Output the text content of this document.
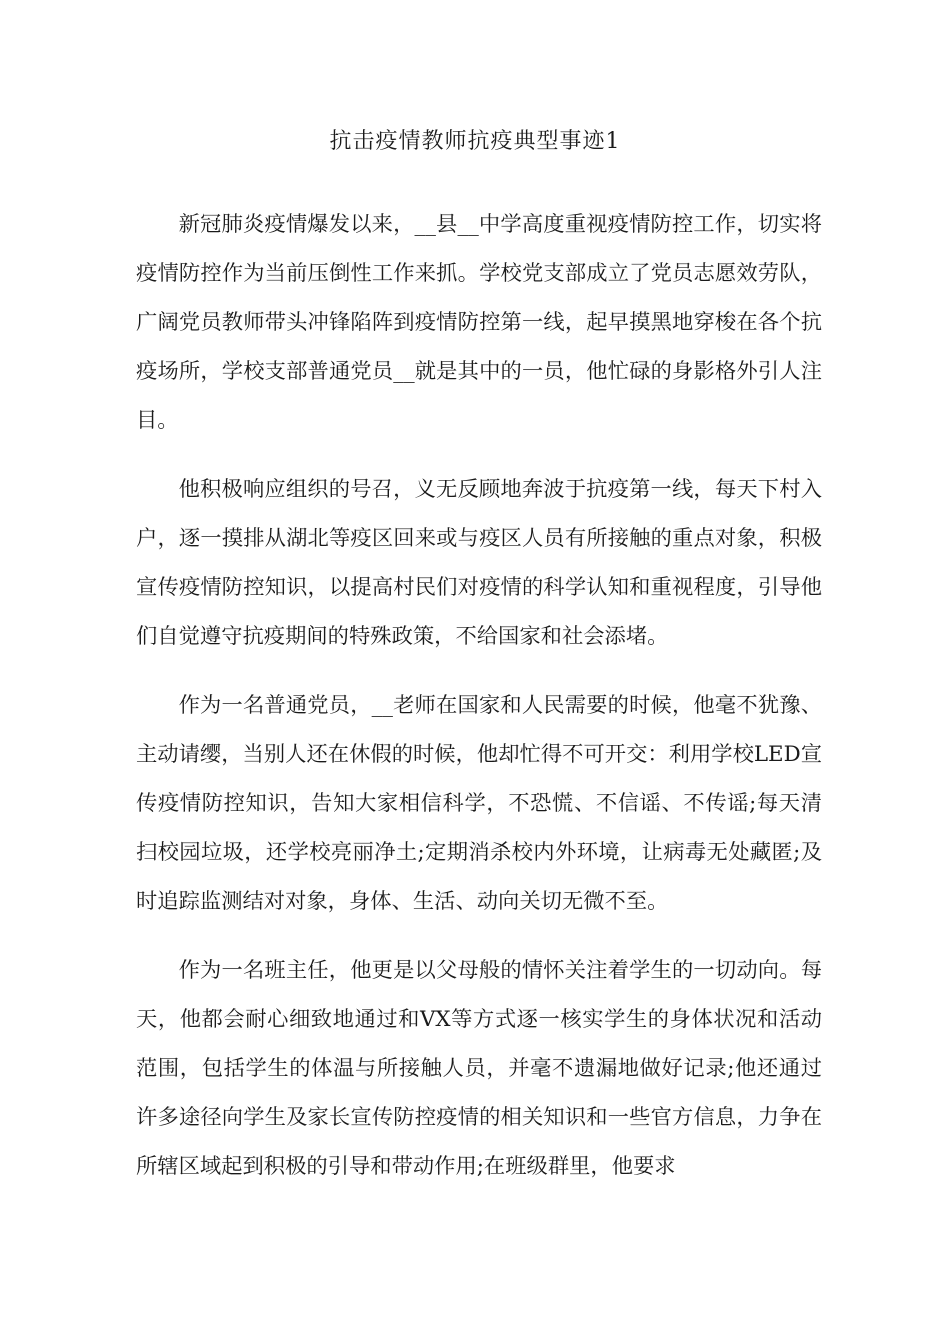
抗击疫情教师抗疫典型事迹1

新冠肺炎疫情爆发以来，__县__中学高度重视疫情防控工作，切实将疫情防控作为当前压倒性工作来抓。学校党支部成立了党员志愿效劳队，广阔党员教师带头冲锋陷阵到疫情防控第一线，起早摸黑地穿梭在各个抗疫场所，学校支部普通党员__就是其中的一员，他忙碌的身影格外引人注目。

他积极响应组织的号召，义无反顾地奔波于抗疫第一线，每天下村入户，逐一摸排从湖北等疫区回来或与疫区人员有所接触的重点对象，积极宣传疫情防控知识，以提高村民们对疫情的科学认知和重视程度，引导他们自觉遵守抗疫期间的特殊政策，不给国家和社会添堵。

作为一名普通党员，__老师在国家和人民需要的时候，他毫不犹豫、主动请缨，当别人还在休假的时候，他却忙得不可开交：利用学校LED宣传疫情防控知识，告知大家相信科学，不恐慌、不信谣、不传谣;每天清扫校园垃圾，还学校亮丽净土;定期消杀校内外环境，让病毒无处藏匿;及时追踪监测结对对象，身体、生活、动向关切无微不至。

作为一名班主任，他更是以父母般的情怀关注着学生的一切动向。每天，他都会耐心细致地通过和VX等方式逐一核实学生的身体状况和活动范围，包括学生的体温与所接触人员，并毫不遗漏地做好记录;他还通过许多途径向学生及家长宣传防控疫情的相关知识和一些官方信息，力争在所辖区域起到积极的引导和带动作用;在班级群里，他要求
